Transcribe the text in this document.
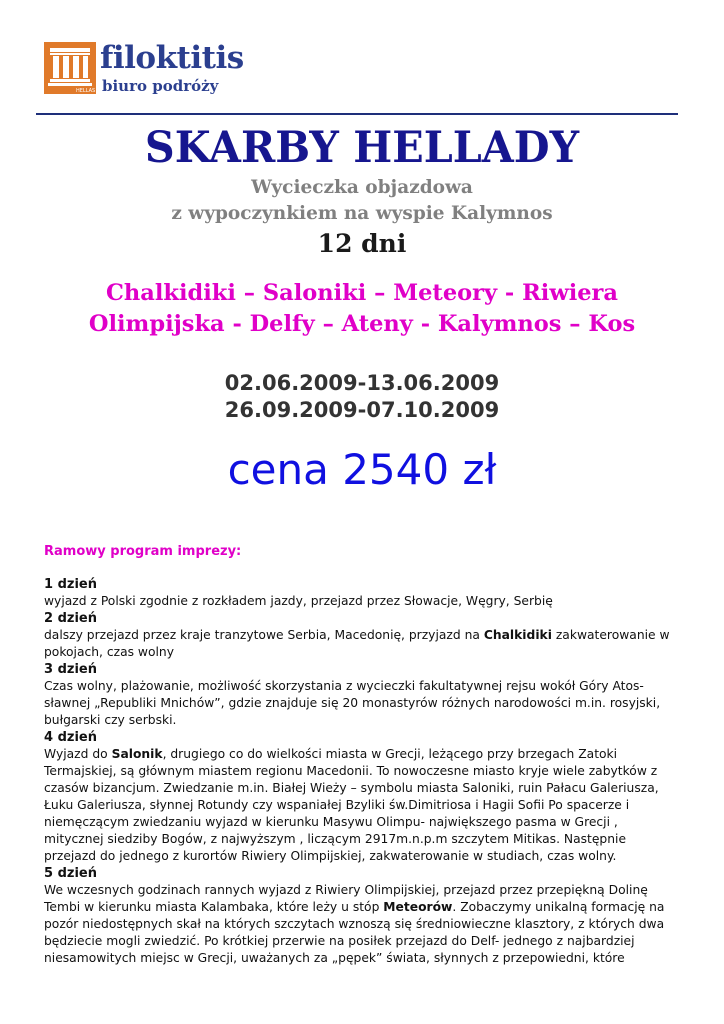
HELLAS
filoktitis
biuro podróży
SKARBY HELLADY
Wycieczka objazdowa
z wypoczynkiem na wyspie Kalymnos
12 dni
Chalkidiki – Saloniki – Meteory - Riwiera
Olimpijska - Delfy – Ateny - Kalymnos – Kos
02.06.2009-13.06.2009
26.09.2009-07.10.2009
cena 2540 zł
Ramowy program imprezy:
1 dzień
wyjazd z Polski zgodnie z rozkładem jazdy, przejazd przez Słowacje, Węgry, Serbię
2 dzień
dalszy przejazd przez kraje tranzytowe Serbia, Macedonię, przyjazd na Chalkidiki zakwaterowanie w
pokojach, czas wolny
3 dzień
Czas wolny, plażowanie, możliwość skorzystania z wycieczki fakultatywnej rejsu wokół Góry Atos-
sławnej „Republiki Mnichów”, gdzie znajduje się 20 monastyrów różnych narodowości m.in. rosyjski,
bułgarski czy serbski.
4 dzień
Wyjazd do Salonik, drugiego co do wielkości miasta w Grecji, leżącego przy brzegach Zatoki
Termajskiej, są głównym miastem regionu Macedonii. To nowoczesne miasto kryje wiele zabytków z
czasów bizancjum. Zwiedzanie m.in. Białej Wieży – symbolu miasta Saloniki, ruin Pałacu Galeriusza,
Łuku Galeriusza, słynnej Rotundy czy wspaniałej Bzyliki św.Dimitriosa i Hagii Sofii Po spacerze i
niemęczącym zwiedzaniu wyjazd w kierunku Masywu Olimpu- największego pasma w Grecji ,
mitycznej siedziby Bogów, z najwyższym , liczącym 2917m.n.p.m szczytem Mitikas. Następnie
przejazd do jednego z kurortów Riwiery Olimpijskiej, zakwaterowanie w studiach, czas wolny.
5 dzień
We wczesnych godzinach rannych wyjazd z Riwiery Olimpijskiej, przejazd przez przepiękną Dolinę
Tembi w kierunku miasta Kalambaka, które leży u stóp Meteorów. Zobaczymy unikalną formację na
pozór niedostępnych skał na których szczytach wznoszą się średniowieczne klasztory, z których dwa
będziecie mogli zwiedzić. Po krótkiej przerwie na posiłek przejazd do Delf- jednego z najbardziej
niesamowitych miejsc w Grecji, uważanych za „pępek” świata, słynnych z przepowiedni, które
